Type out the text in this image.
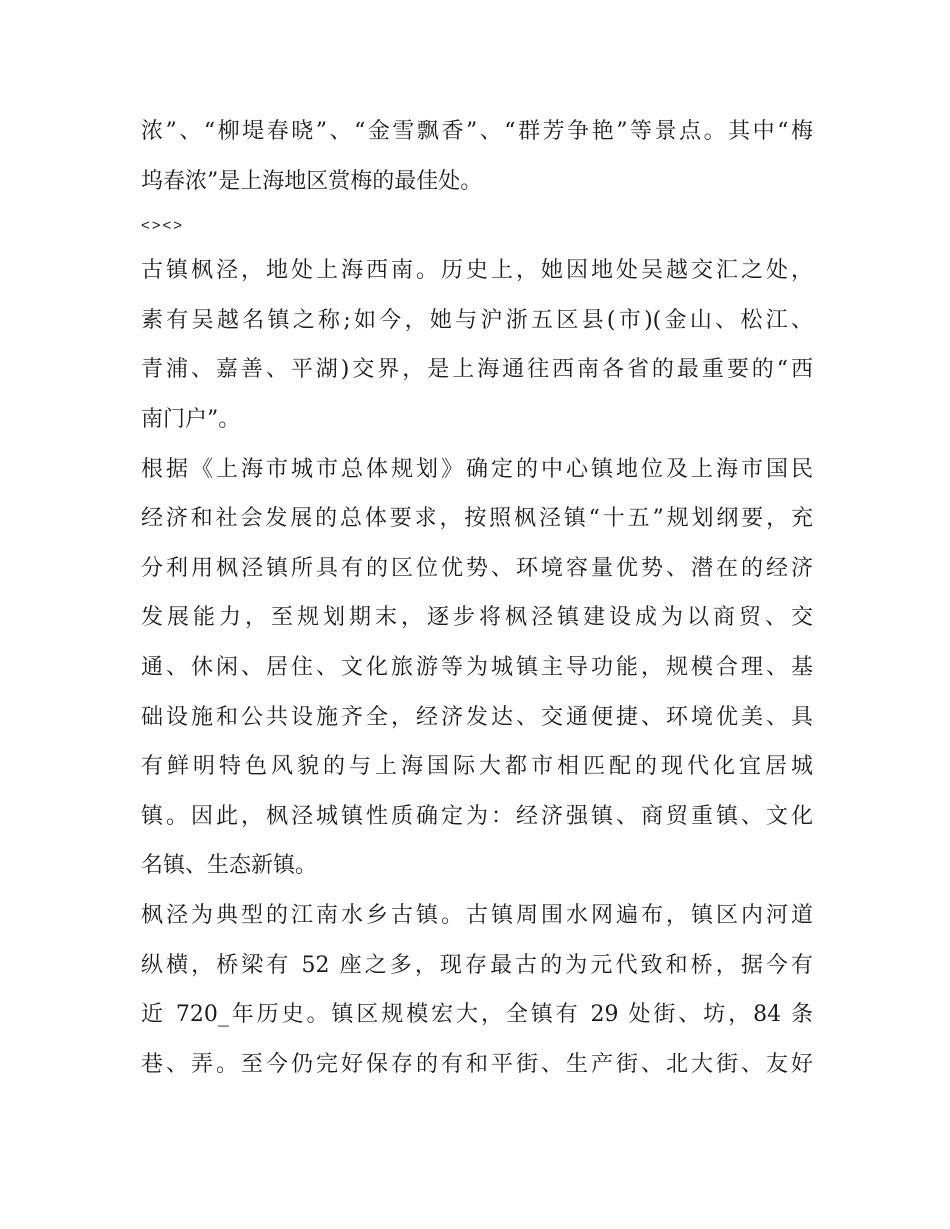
浓”、“柳堤春晓”、“金雪飘香”、“群芳争艳”等景点。其中“梅
坞春浓”是上海地区赏梅的最佳处。
<><>
古镇枫泾，地处上海西南。历史上，她因地处吴越交汇之处，
素有吴越名镇之称;如今，她与沪浙五区县(市)(金山、松江、
青浦、嘉善、平湖)交界，是上海通往西南各省的最重要的“西
南门户”。
根据《上海市城市总体规划》确定的中心镇地位及上海市国民
经济和社会发展的总体要求，按照枫泾镇“十五”规划纲要，充
分利用枫泾镇所具有的区位优势、环境容量优势、潜在的经济
发展能力，至规划期末，逐步将枫泾镇建设成为以商贸、交
通、休闲、居住、文化旅游等为城镇主导功能，规模合理、基
础设施和公共设施齐全，经济发达、交通便捷、环境优美、具
有鲜明特色风貌的与上海国际大都市相匹配的现代化宜居城
镇。因此，枫泾城镇性质确定为：经济强镇、商贸重镇、文化
名镇、生态新镇。
枫泾为典型的江南水乡古镇。古镇周围水网遍布，镇区内河道
纵横，桥梁有 52 座之多，现存最古的为元代致和桥，据今有
近 720_年历史。镇区规模宏大，全镇有 29 处街、坊，84 条
巷、弄。至今仍完好保存的有和平街、生产街、北大街、友好
